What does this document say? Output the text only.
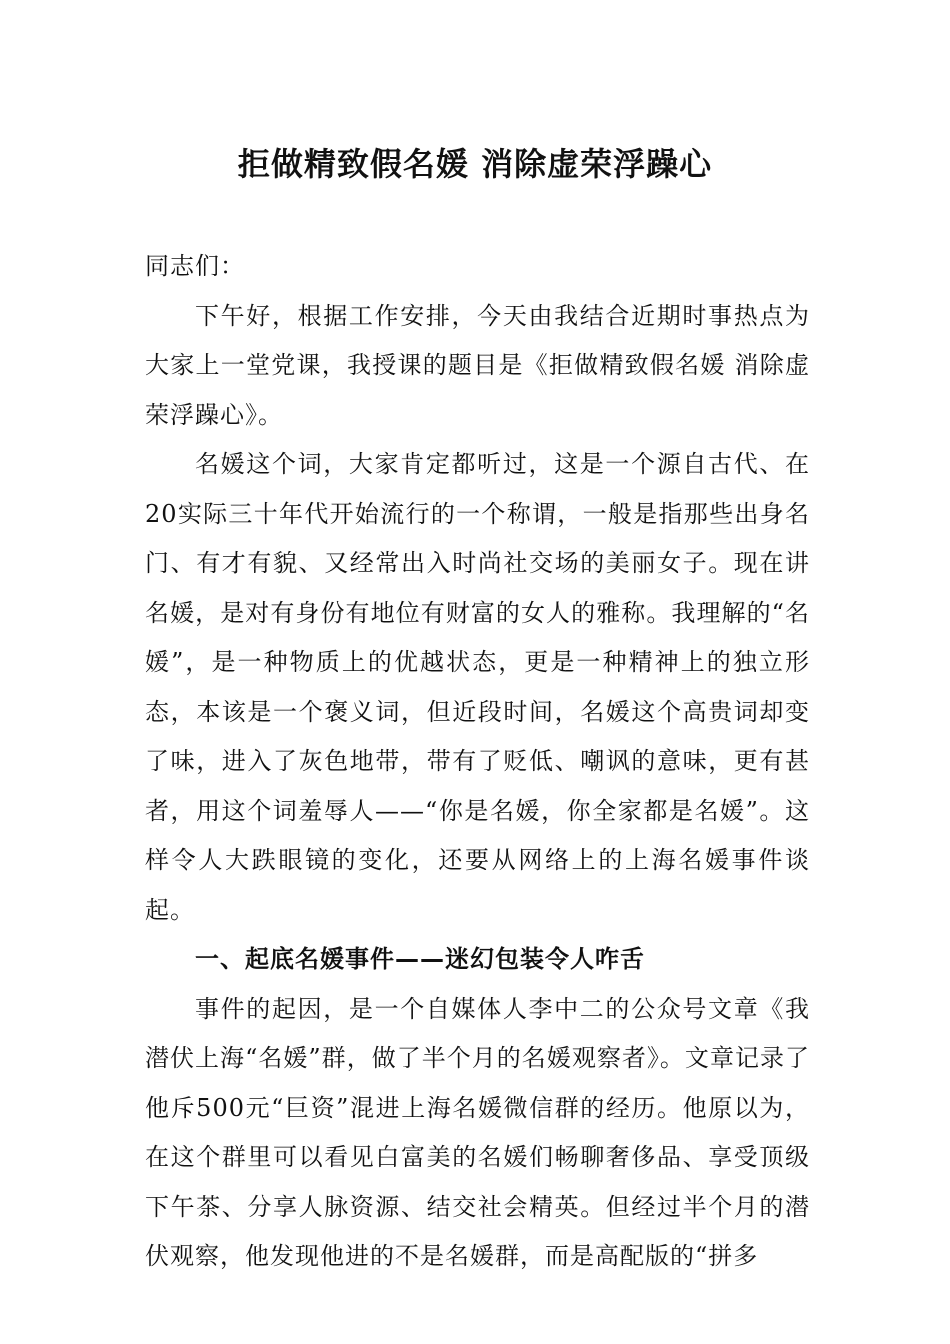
拒做精致假名媛 消除虚荣浮躁心

同志们：

下午好，根据工作安排，今天由我结合近期时事热点为大家上一堂党课，我授课的题目是《拒做精致假名媛 消除虚荣浮躁心》。

名媛这个词，大家肯定都听过，这是一个源自古代、在20实际三十年代开始流行的一个称谓，一般是指那些出身名门、有才有貌、又经常出入时尚社交场的美丽女子。现在讲名媛，是对有身份有地位有财富的女人的雅称。我理解的“名媛”，是一种物质上的优越状态，更是一种精神上的独立形态，本该是一个褒义词，但近段时间，名媛这个高贵词却变了味，进入了灰色地带，带有了贬低、嘲讽的意味，更有甚者，用这个词羞辱人——“你是名媛，你全家都是名媛”。这样令人大跌眼镜的变化，还要从网络上的上海名媛事件谈起。

一、起底名媛事件——迷幻包装令人咋舌

事件的起因，是一个自媒体人李中二的公众号文章《我潜伏上海“名媛”群，做了半个月的名媛观察者》。文章记录了他斥500元“巨资”混进上海名媛微信群的经历。他原以为，在这个群里可以看见白富美的名媛们畅聊奢侈品、享受顶级下午茶、分享人脉资源、结交社会精英。但经过半个月的潜伏观察，他发现他进的不是名媛群，而是高配版的“拼多
